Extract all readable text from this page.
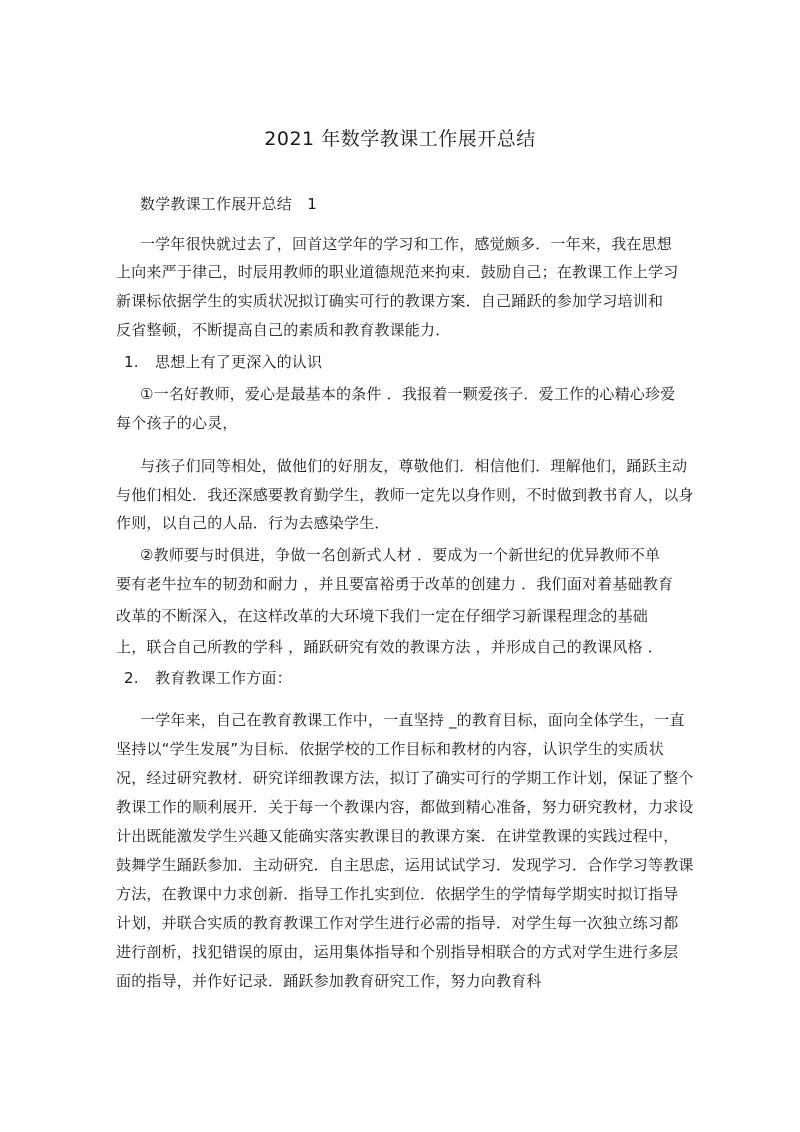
2021 年数学教课工作展开总结
数学教课工作展开总结　1
一学年很快就过去了，回首这学年的学习和工作，感觉颇多．一年来，我在思想
上向来严于律己，时辰用教师的职业道德规范来拘束．鼓励自己；在教课工作上学习
新课标依据学生的实质状况拟订确实可行的教课方案．自己踊跃的参加学习培训和
反省整顿，不断提高自己的素质和教育教课能力．
1. 思想上有了更深入的认识
①一名好教师，爱心是最基本的条件 ．我报着一颗爱孩子．爱工作的心精心珍爱
每个孩子的心灵，
与孩子们同等相处，做他们的好朋友，尊敬他们．相信他们．理解他们，踊跃主动
与他们相处．我还深感要教育勤学生，教师一定先以身作则，不时做到教书育人，以身
作则，以自己的人品．行为去感染学生．
②教师要与时俱进，争做一名创新式人材 ．要成为一个新世纪的优异教师不单
要有老牛拉车的韧劲和耐力 ，并且要富裕勇于改革的创建力 ．我们面对着基础教育
改革的不断深入，在这样改革的大环境下我们一定在仔细学习新课程理念的基础
上，联合自己所教的学科 ，踊跃研究有效的教课方法 ，并形成自己的教课风格 ．
2. 教育教课工作方面：
一学年来，自己在教育教课工作中，一直坚持 _的教育目标，面向全体学生，一直
坚持以“学生发展”为目标．依据学校的工作目标和教材的内容，认识学生的实质状
况，经过研究教材．研究详细教课方法，拟订了确实可行的学期工作计划，保证了整个
教课工作的顺利展开．关于每一个教课内容，都做到精心准备，努力研究教材，力求设
计出既能激发学生兴趣又能确实落实教课目的教课方案．在讲堂教课的实践过程中，
鼓舞学生踊跃参加．主动研究．自主思虑，运用试试学习．发现学习．合作学习等教课
方法，在教课中力求创新．指导工作扎实到位．依据学生的学情每学期实时拟订指导
计划，并联合实质的教育教课工作对学生进行必需的指导．对学生每一次独立练习都
进行剖析，找犯错误的原由，运用集体指导和个别指导相联合的方式对学生进行多层
面的指导，并作好记录．踊跃参加教育研究工作，努力向教育科
